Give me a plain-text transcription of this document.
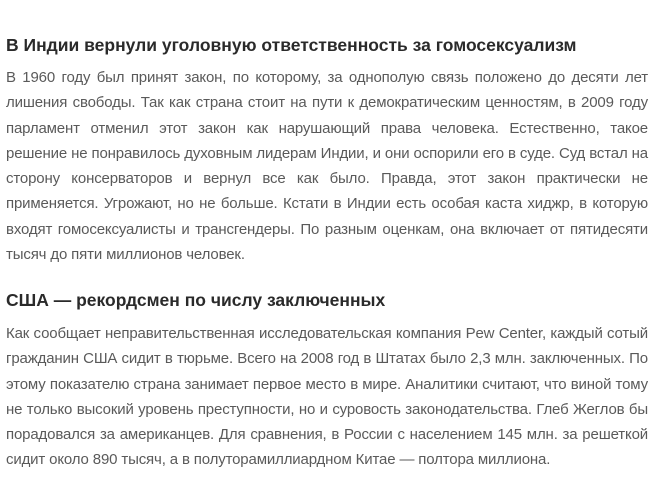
В Индии вернули уголовную ответственность за гомосексуализм

В 1960 году был принят закон, по которому, за однополую связь положено до десяти лет лишения свободы. Так как страна стоит на пути к демократическим ценностям, в 2009 году парламент отменил этот закон как нарушающий права человека. Естественно, такое решение не понравилось духовным лидерам Индии, и они оспорили его в суде. Суд встал на сторону консерваторов и вернул все как было. Правда, этот закон практически не применяется. Угрожают, но не больше. Кстати в Индии есть особая каста хиджр, в которую входят гомосексуалисты и трансгендеры. По разным оценкам, она включает от пятидесяти тысяч до пяти миллионов человек.

США — рекордсмен по числу заключенных

Как сообщает неправительственная исследовательская компания Pew Center, каждый сотый гражданин США сидит в тюрьме. Всего на 2008 год в Штатах было 2,3 млн. заключенных. По этому показателю страна занимает первое место в мире. Аналитики считают, что виной тому не только высокий уровень преступности, но и суровость законодательства. Глеб Жеглов бы порадовался за американцев. Для сравнения, в России с населением 145 млн. за решеткой сидит около 890 тысяч, а в полуторамиллиардном Китае — полтора миллиона.
